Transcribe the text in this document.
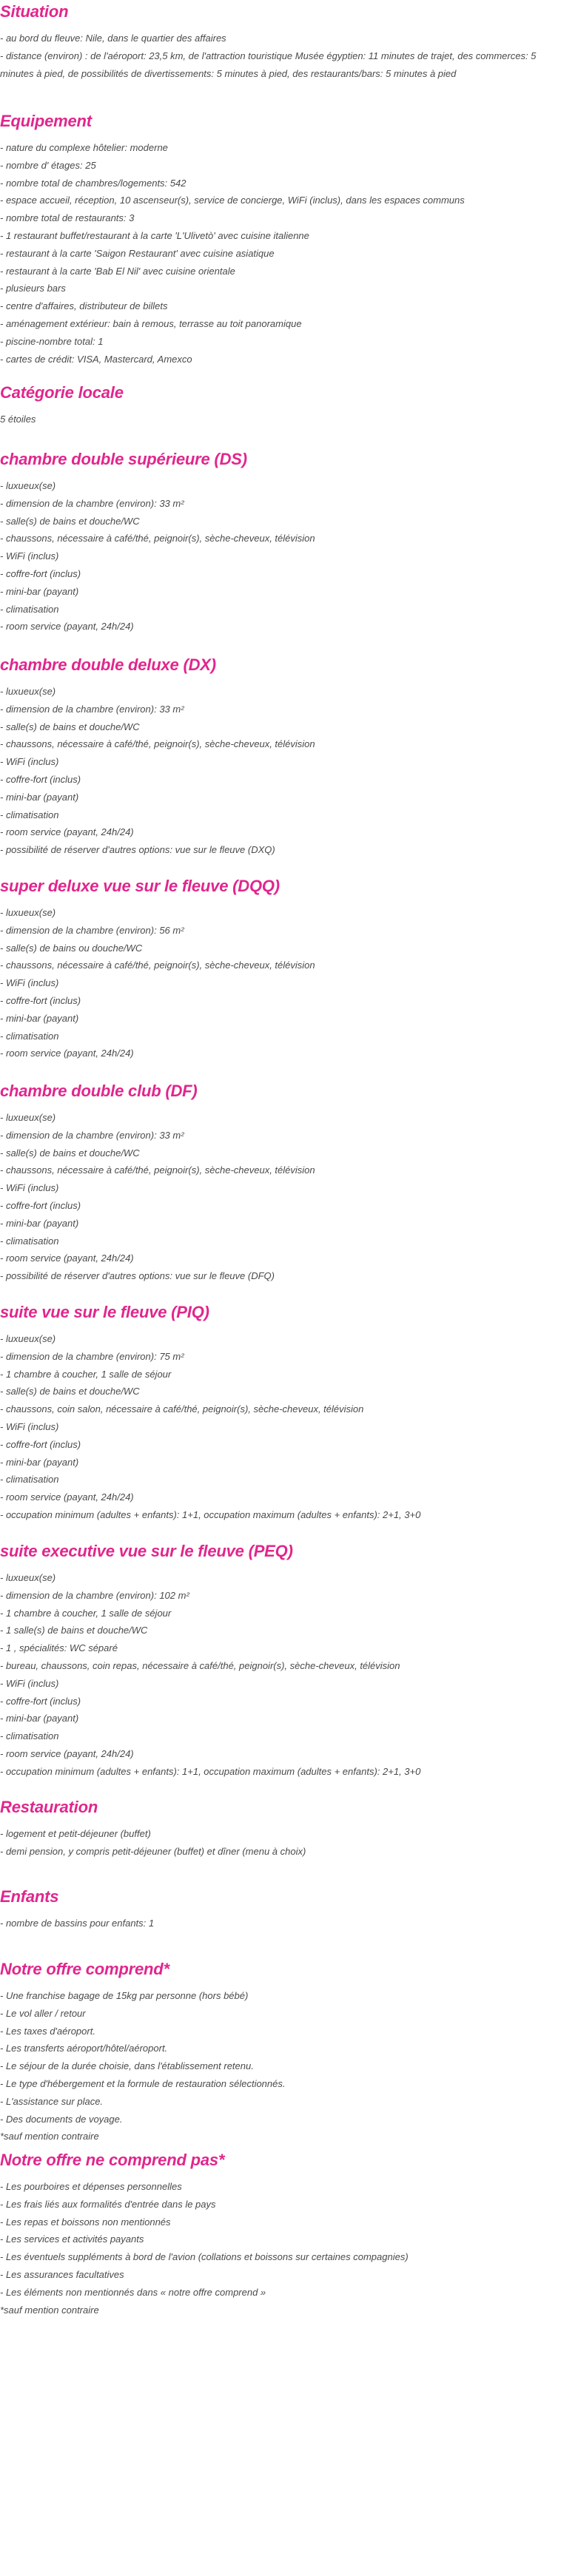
Situation
- au bord du fleuve: Nile, dans le quartier des affaires
- distance (environ) : de l'aéroport: 23,5 km, de l'attraction touristique Musée égyptien: 11 minutes de trajet, des commerces: 5 minutes à pied, de possibilités de divertissements: 5 minutes à pied, des restaurants/bars: 5 minutes à pied
Equipement
- nature du complexe hôtelier: moderne
- nombre d' étages: 25
- nombre total de chambres/logements: 542
- espace accueil, réception, 10 ascenseur(s), service de concierge, WiFi (inclus), dans les espaces communs
- nombre total de restaurants: 3
- 1 restaurant buffet/restaurant à la carte 'L'Ulivetò' avec cuisine italienne
- restaurant à la carte 'Saigon Restaurant' avec cuisine asiatique
- restaurant à la carte 'Bab El Nil' avec cuisine orientale
- plusieurs bars
- centre d'affaires, distributeur de billets
- aménagement extérieur: bain à remous, terrasse au toit panoramique
- piscine-nombre total: 1
- cartes de crédit: VISA, Mastercard, Amexco
Catégorie locale
5 étoiles
chambre double supérieure (DS)
- luxueux(se)
- dimension de la chambre (environ): 33 m²
- salle(s) de bains et douche/WC
- chaussons, nécessaire à café/thé, peignoir(s), sèche-cheveux, télévision
- WiFi (inclus)
- coffre-fort (inclus)
- mini-bar (payant)
- climatisation
- room service (payant, 24h/24)
chambre double deluxe (DX)
- luxueux(se)
- dimension de la chambre (environ): 33 m²
- salle(s) de bains et douche/WC
- chaussons, nécessaire à café/thé, peignoir(s), sèche-cheveux, télévision
- WiFi (inclus)
- coffre-fort (inclus)
- mini-bar (payant)
- climatisation
- room service (payant, 24h/24)
- possibilité de réserver d'autres options: vue sur le fleuve (DXQ)
super deluxe vue sur le fleuve (DQQ)
- luxueux(se)
- dimension de la chambre (environ): 56 m²
- salle(s) de bains ou douche/WC
- chaussons, nécessaire à café/thé, peignoir(s), sèche-cheveux, télévision
- WiFi (inclus)
- coffre-fort (inclus)
- mini-bar (payant)
- climatisation
- room service (payant, 24h/24)
chambre double club (DF)
- luxueux(se)
- dimension de la chambre (environ): 33 m²
- salle(s) de bains et douche/WC
- chaussons, nécessaire à café/thé, peignoir(s), sèche-cheveux, télévision
- WiFi (inclus)
- coffre-fort (inclus)
- mini-bar (payant)
- climatisation
- room service (payant, 24h/24)
- possibilité de réserver d'autres options: vue sur le fleuve (DFQ)
suite vue sur le fleuve (PIQ)
- luxueux(se)
- dimension de la chambre (environ): 75 m²
- 1 chambre à coucher, 1 salle de séjour
- salle(s) de bains et douche/WC
- chaussons, coin salon, nécessaire à café/thé, peignoir(s), sèche-cheveux, télévision
- WiFi (inclus)
- coffre-fort (inclus)
- mini-bar (payant)
- climatisation
- room service (payant, 24h/24)
- occupation minimum (adultes + enfants): 1+1, occupation maximum (adultes + enfants): 2+1, 3+0
suite executive vue sur le fleuve (PEQ)
- luxueux(se)
- dimension de la chambre (environ): 102 m²
- 1 chambre à coucher, 1 salle de séjour
- 1 salle(s) de bains et douche/WC
- 1 , spécialités: WC séparé
- bureau, chaussons, coin repas, nécessaire à café/thé, peignoir(s), sèche-cheveux, télévision
- WiFi (inclus)
- coffre-fort (inclus)
- mini-bar (payant)
- climatisation
- room service (payant, 24h/24)
- occupation minimum (adultes + enfants): 1+1, occupation maximum (adultes + enfants): 2+1, 3+0
Restauration
- logement et petit-déjeuner (buffet)
- demi pension, y compris petit-déjeuner (buffet) et dîner (menu à choix)
Enfants
- nombre de bassins pour enfants: 1
Notre offre comprend*
- Une franchise bagage de 15kg par personne (hors bébé)
- Le vol aller / retour
- Les taxes d'aéroport.
- Les transferts aéroport/hôtel/aéroport.
- Le séjour de la durée choisie, dans l'établissement retenu.
- Le type d'hébergement et la formule de restauration sélectionnés.
- L'assistance sur place.
- Des documents de voyage.
*sauf mention contraire
Notre offre ne comprend pas*
- Les pourboires et dépenses personnelles
- Les frais liés aux formalités d'entrée dans le pays
- Les repas et boissons non mentionnés
- Les services et activités payants
- Les éventuels suppléments à bord de l'avion (collations et boissons sur certaines compagnies)
- Les assurances facultatives
- Les éléments non mentionnés dans « notre offre comprend »
*sauf mention contraire
